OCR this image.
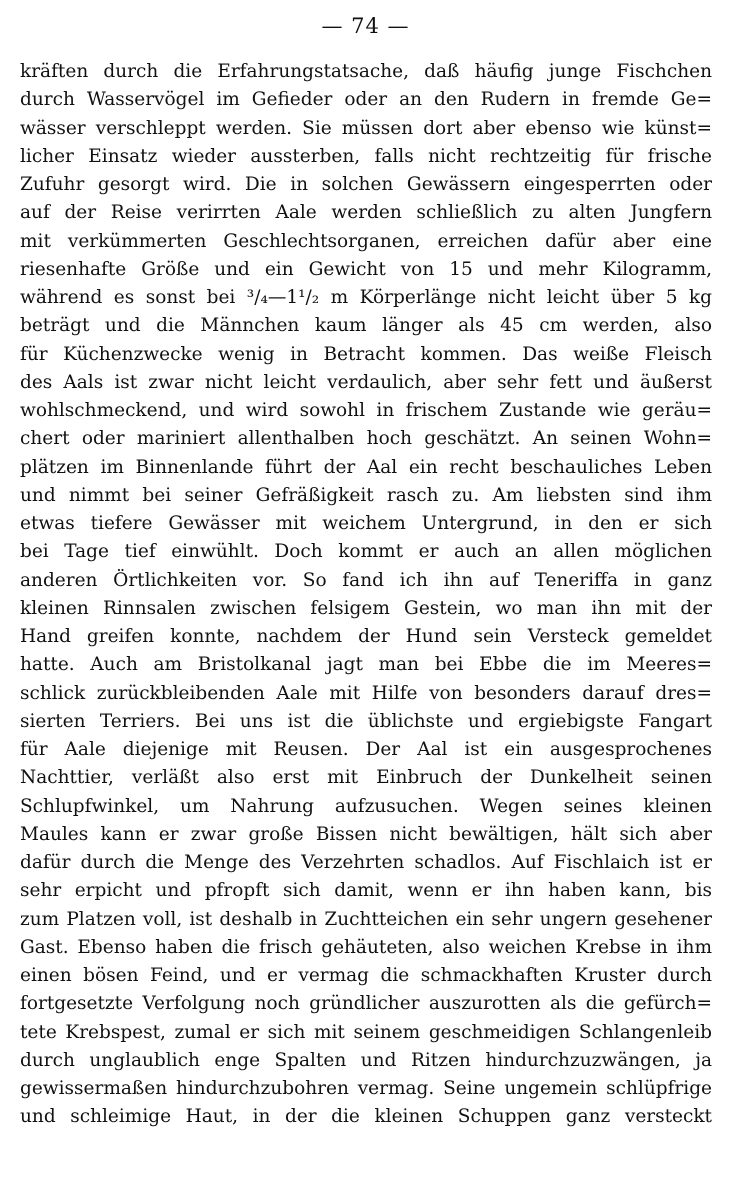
— 74 —
kräften durch die Erfahrungstatsache, daß häufig junge Fischchen
durch Wasservögel im Gefieder oder an den Rudern in fremde Ge=
wässer verschleppt werden. Sie müssen dort aber ebenso wie künst=
licher Einsatz wieder aussterben, falls nicht rechtzeitig für frische
Zufuhr gesorgt wird. Die in solchen Gewässern eingesperrten oder
auf der Reise verirrten Aale werden schließlich zu alten Jungfern
mit verkümmerten Geschlechtsorganen, erreichen dafür aber eine
riesenhafte Größe und ein Gewicht von 15 und mehr Kilogramm,
während es sonst bei ³/₄—1¹/₂ m Körperlänge nicht leicht über 5 kg
beträgt und die Männchen kaum länger als 45 cm werden, also
für Küchenzwecke wenig in Betracht kommen. Das weiße Fleisch
des Aals ist zwar nicht leicht verdaulich, aber sehr fett und äußerst
wohlschmeckend, und wird sowohl in frischem Zustande wie geräu=
chert oder mariniert allenthalben hoch geschätzt. An seinen Wohn=
plätzen im Binnenlande führt der Aal ein recht beschauliches Leben
und nimmt bei seiner Gefräßigkeit rasch zu. Am liebsten sind ihm
etwas tiefere Gewässer mit weichem Untergrund, in den er sich
bei Tage tief einwühlt. Doch kommt er auch an allen möglichen
anderen Örtlichkeiten vor. So fand ich ihn auf Teneriffa in ganz
kleinen Rinnsalen zwischen felsigem Gestein, wo man ihn mit der
Hand greifen konnte, nachdem der Hund sein Versteck gemeldet
hatte. Auch am Bristolkanal jagt man bei Ebbe die im Meeres=
schlick zurückbleibenden Aale mit Hilfe von besonders darauf dres=
sierten Terriers. Bei uns ist die üblichste und ergiebigste Fangart
für Aale diejenige mit Reusen. Der Aal ist ein ausgesprochenes
Nachttier, verläßt also erst mit Einbruch der Dunkelheit seinen
Schlupfwinkel, um Nahrung aufzusuchen. Wegen seines kleinen
Maules kann er zwar große Bissen nicht bewältigen, hält sich aber
dafür durch die Menge des Verzehrten schadlos. Auf Fischlaich ist er
sehr erpicht und pfropft sich damit, wenn er ihn haben kann, bis
zum Platzen voll, ist deshalb in Zuchtteichen ein sehr ungern gesehener
Gast. Ebenso haben die frisch gehäuteten, also weichen Krebse in ihm
einen bösen Feind, und er vermag die schmackhaften Kruster durch
fortgesetzte Verfolgung noch gründlicher auszurotten als die gefürch=
tete Krebspest, zumal er sich mit seinem geschmeidigen Schlangenleib
durch unglaublich enge Spalten und Ritzen hindurchzuzwängen, ja
gewissermaßen hindurchzubohren vermag. Seine ungemein schlüpfrige
und schleimige Haut, in der die kleinen Schuppen ganz versteckt
